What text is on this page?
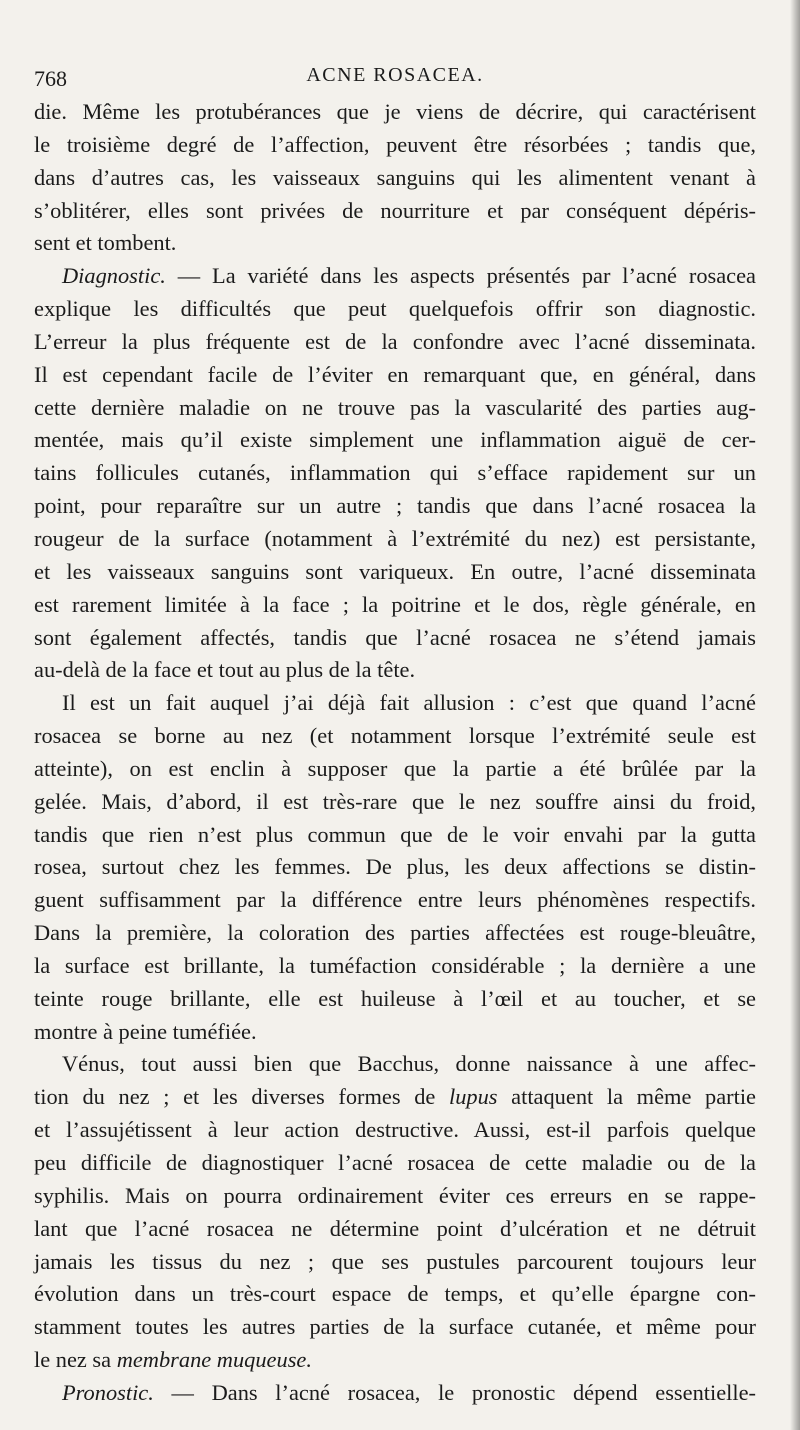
768	ACNE ROSACEA.
die. Même les protubérances que je viens de décrire, qui caractérisent
le troisième degré de l’affection, peuvent être résorbées ; tandis que,
dans d’autres cas, les vaisseaux sanguins qui les alimentent venant à
s’oblitérer, elles sont privées de nourriture et par conséquent dépéris-
sent et tombent.
Diagnostic. — La variété dans les aspects présentés par l’acné rosacea
explique les difficultés que peut quelquefois offrir son diagnostic.
L’erreur la plus fréquente est de la confondre avec l’acné disseminata.
Il est cependant facile de l’éviter en remarquant que, en général, dans
cette dernière maladie on ne trouve pas la vascularité des parties aug-
mentée, mais qu’il existe simplement une inflammation aiguë de cer-
tains follicules cutanés, inflammation qui s’efface rapidement sur un
point, pour reparaître sur un autre ; tandis que dans l’acné rosacea la
rougeur de la surface (notamment à l’extrémité du nez) est persistante,
et les vaisseaux sanguins sont variqueux. En outre, l’acné disseminata
est rarement limitée à la face ; la poitrine et le dos, règle générale, en
sont également affectés, tandis que l’acné rosacea ne s’étend jamais
au-delà de la face et tout au plus de la tête.
Il est un fait auquel j’ai déjà fait allusion : c’est que quand l’acné
rosacea se borne au nez (et notamment lorsque l’extrémité seule est
atteinte), on est enclin à supposer que la partie a été brûlée par la
gelée. Mais, d’abord, il est très-rare que le nez souffre ainsi du froid,
tandis que rien n’est plus commun que de le voir envahi par la gutta
rosea, surtout chez les femmes. De plus, les deux affections se distin-
guent suffisamment par la différence entre leurs phénomènes respectifs.
Dans la première, la coloration des parties affectées est rouge-bleuâtre,
la surface est brillante, la tuméfaction considérable ; la dernière a une
teinte rouge brillante, elle est huileuse à l’œil et au toucher, et se
montre à peine tuméfiée.
Vénus, tout aussi bien que Bacchus, donne naissance à une affec-
tion du nez ; et les diverses formes de lupus attaquent la même partie
et l’assujétissent à leur action destructive. Aussi, est-il parfois quelque
peu difficile de diagnostiquer l’acné rosacea de cette maladie ou de la
syphilis. Mais on pourra ordinairement éviter ces erreurs en se rappe-
lant que l’acné rosacea ne détermine point d’ulcération et ne détruit
jamais les tissus du nez ; que ses pustules parcourent toujours leur
évolution dans un très-court espace de temps, et qu’elle épargne con-
stamment toutes les autres parties de la surface cutanée, et même pour
le nez sa membrane muqueuse.
Pronostic. — Dans l’acné rosacea, le pronostic dépend essentielle-
